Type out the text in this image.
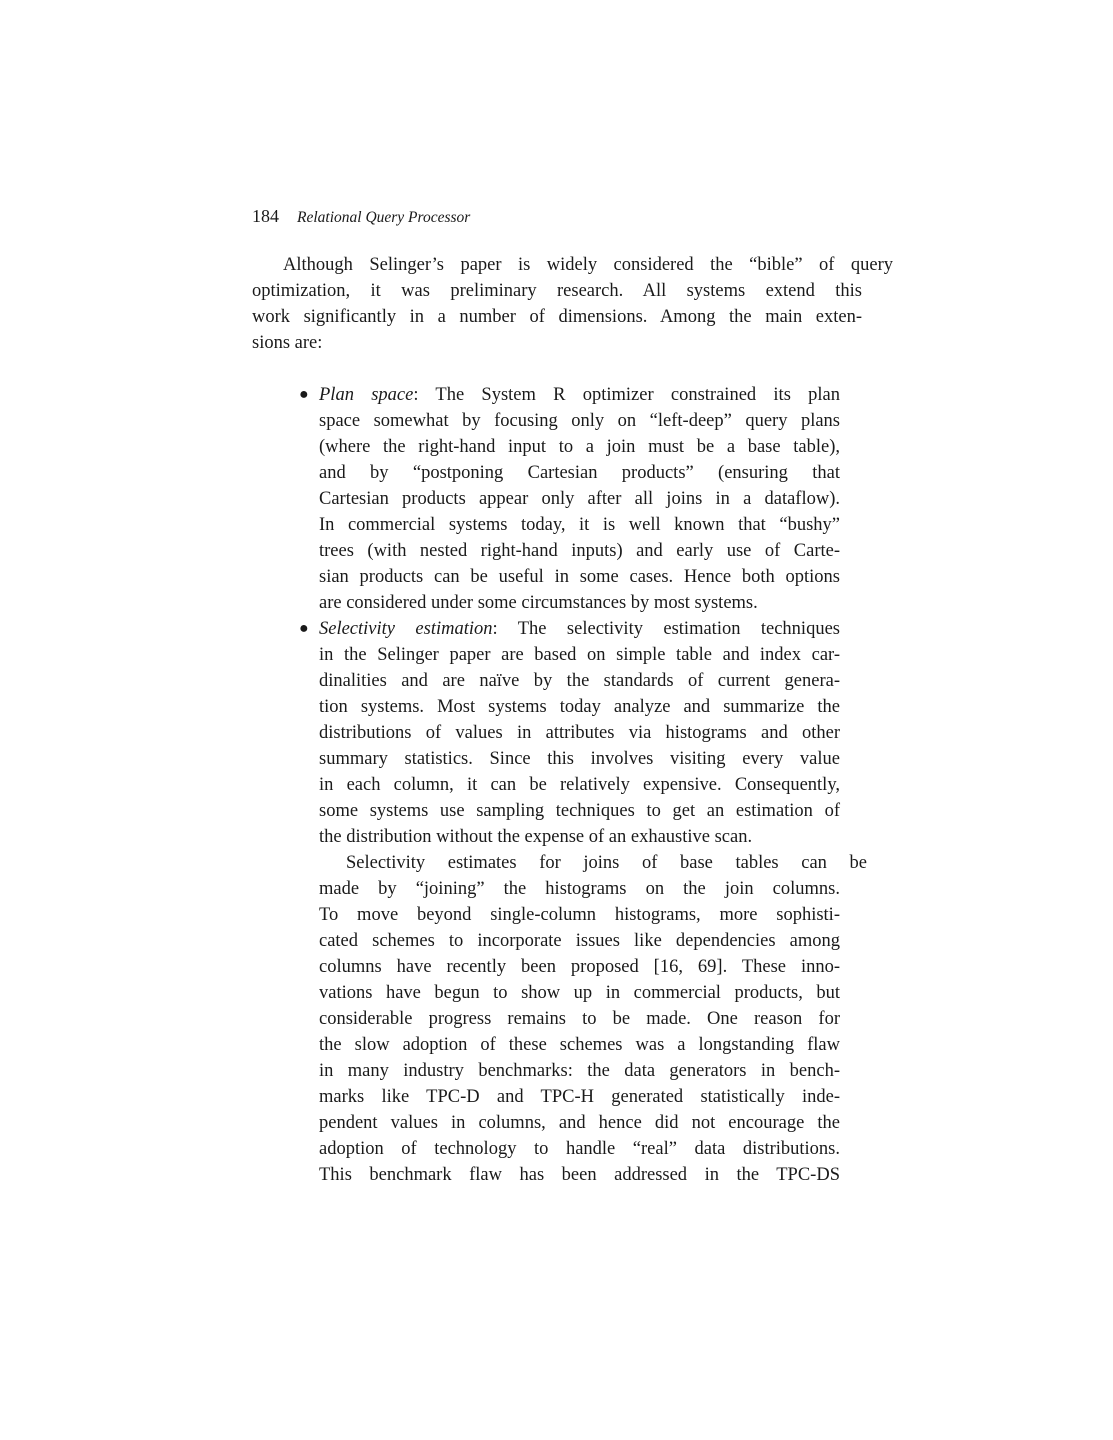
184 Relational Query Processor
Although Selinger’s paper is widely considered the “bible” of query
optimization, it was preliminary research. All systems extend this
work significantly in a number of dimensions. Among the main exten-
sions are:
● Plan space: The System R optimizer constrained its plan
space somewhat by focusing only on “left-deep” query plans
(where the right-hand input to a join must be a base table),
and by “postponing Cartesian products” (ensuring that
Cartesian products appear only after all joins in a dataflow).
In commercial systems today, it is well known that “bushy”
trees (with nested right-hand inputs) and early use of Carte-
sian products can be useful in some cases. Hence both options
are considered under some circumstances by most systems.
● Selectivity estimation: The selectivity estimation techniques
in the Selinger paper are based on simple table and index car-
dinalities and are naïve by the standards of current genera-
tion systems. Most systems today analyze and summarize the
distributions of values in attributes via histograms and other
summary statistics. Since this involves visiting every value
in each column, it can be relatively expensive. Consequently,
some systems use sampling techniques to get an estimation of
the distribution without the expense of an exhaustive scan.
Selectivity estimates for joins of base tables can be
made by “joining” the histograms on the join columns.
To move beyond single-column histograms, more sophisti-
cated schemes to incorporate issues like dependencies among
columns have recently been proposed [16, 69]. These inno-
vations have begun to show up in commercial products, but
considerable progress remains to be made. One reason for
the slow adoption of these schemes was a longstanding flaw
in many industry benchmarks: the data generators in bench-
marks like TPC-D and TPC-H generated statistically inde-
pendent values in columns, and hence did not encourage the
adoption of technology to handle “real” data distributions.
This benchmark flaw has been addressed in the TPC-DS
